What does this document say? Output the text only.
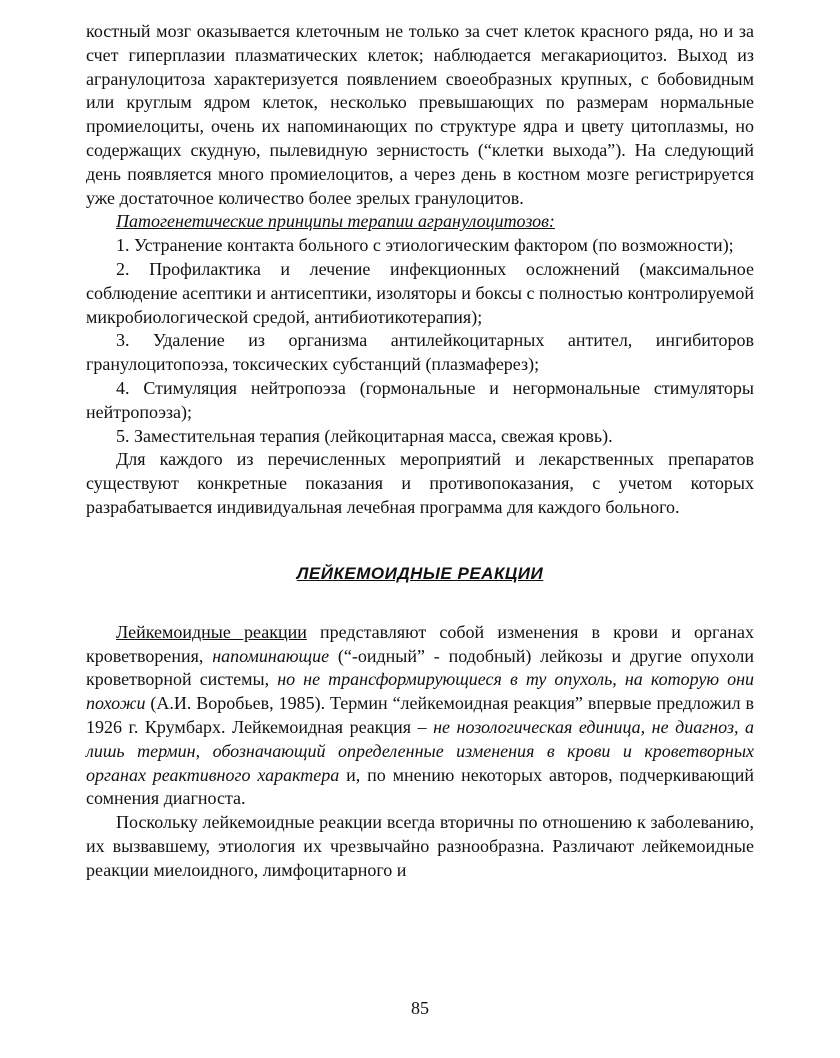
костный мозг оказывается клеточным не только за счет клеток красного ряда, но и за счет гиперплазии плазматических клеток; наблюдается мегакариоцитоз. Выход из агранулоцитоза характеризуется появлением своеобразных крупных, с бобовидным или круглым ядром клеток, несколько превышающих по размерам нормальные промиелоциты, очень их напоминающих по структуре ядра и цвету цитоплазмы, но содержащих скудную, пылевидную зернистость (“клетки выхода”). На следующий день появляется много промиелоцитов, а через день в костном мозге регистрируется уже достаточное количество более зрелых гранулоцитов.

Патогенетические принципы терапии агранулоцитозов:

1. Устранение контакта больного с этиологическим фактором (по возможности);

2. Профилактика и лечение инфекционных осложнений (максимальное соблюдение асептики и антисептики, изоляторы и боксы с полностью контролируемой микробиологической средой, антибиотикотерапия);

3. Удаление из организма антилейкоцитарных антител, ингибиторов гранулоцитопоэза, токсических субстанций (плазмаферез);

4. Стимуляция нейтропоэза (гормональные и негормональные стимуляторы нейтропоэза);

5. Заместительная терапия (лейкоцитарная масса, свежая кровь).

Для каждого из перечисленных мероприятий и лекарственных препаратов существуют конкретные показания и противопоказания, с учетом которых разрабатывается индивидуальная лечебная программа для каждого больного.

ЛЕЙКЕМОИДНЫЕ РЕАКЦИИ

Лейкемоидные реакции представляют собой изменения в крови и органах кроветворения, напоминающие (“-оидный” - подобный) лейкозы и другие опухоли кроветворной системы, но не трансформирующиеся в ту опухоль, на которую они похожи (А.И. Воробьев, 1985). Термин “лейкемоидная реакция” впервые предложил в 1926 г. Крумбарх. Лейкемоидная реакция – не нозологическая единица, не диагноз, а лишь термин, обозначающий определенные изменения в крови и кроветворных органах реактивного характера и, по мнению некоторых авторов, подчеркивающий сомнения диагноста.

Поскольку лейкемоидные реакции всегда вторичны по отношению к заболеванию, их вызвавшему, этиология их чрезвычайно разнообразна. Различают лейкемоидные реакции миелоидного, лимфоцитарного и

85
